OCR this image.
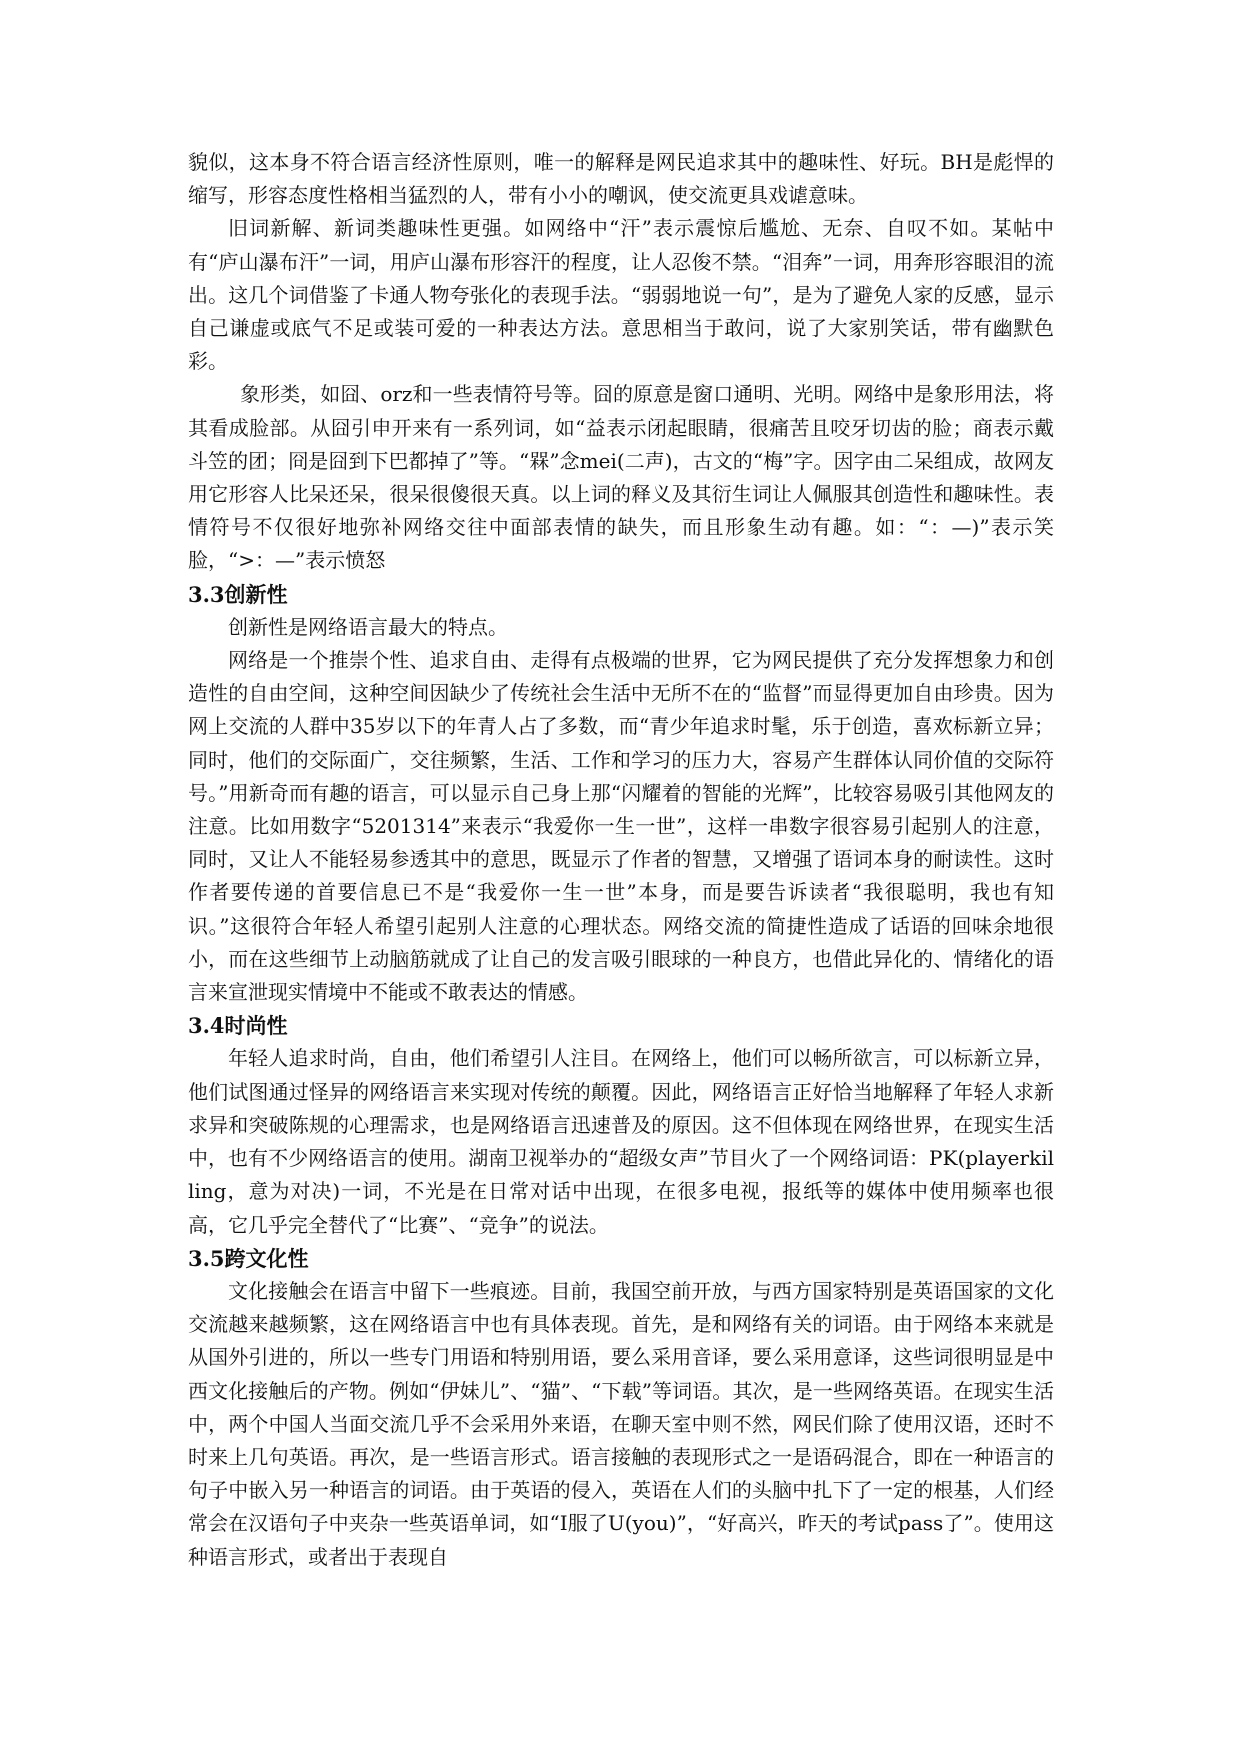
貌似，这本身不符合语言经济性原则，唯一的解释是网民追求其中的趣味性、好玩。BH是彪悍的缩写，形容态度性格相当猛烈的人，带有小小的嘲讽，使交流更具戏谑意味。

旧词新解、新词类趣味性更强。如网络中“汗”表示震惊后尴尬、无奈、自叹不如。某帖中有“庐山瀑布汗”一词，用庐山瀑布形容汗的程度，让人忍俊不禁。“泪奔”一词，用奔形容眼泪的流出。这几个词借鉴了卡通人物夸张化的表现手法。“弱弱地说一句”，是为了避免人家的反感，显示自己谦虚或底气不足或装可爱的一种表达方法。意思相当于敢问，说了大家别笑话，带有幽默色彩。

象形类，如囧、orz和一些表情符号等。囧的原意是窗口通明、光明。网络中是象形用法，将其看成脸部。从囧引申开来有一系列词，如“益表示闭起眼睛，很痛苦且咬牙切齿的脸；商表示戴斗笠的团；冏是囧到下巴都掉了”等。“槑”念mei(二声)，古文的“梅”字。因字由二呆组成，故网友用它形容人比呆还呆，很呆很傻很天真。以上词的释义及其衍生词让人佩服其创造性和趣味性。表情符号不仅很好地弥补网络交往中面部表情的缺失，而且形象生动有趣。如：“：—)”表示笑脸，“>：—”表示愤怒

3.3创新性

创新性是网络语言最大的特点。

网络是一个推崇个性、追求自由、走得有点极端的世界，它为网民提供了充分发挥想象力和创造性的自由空间，这种空间因缺少了传统社会生活中无所不在的“监督”而显得更加自由珍贵。因为网上交流的人群中35岁以下的年青人占了多数，而“青少年追求时髦，乐于创造，喜欢标新立异； 同时，他们的交际面广，交往频繁，生活、工作和学习的压力大，容易产生群体认同价值的交际符号。”用新奇而有趣的语言，可以显示自己身上那“闪耀着的智能的光辉”，比较容易吸引其他网友的注意。比如用数字“5201314”来表示“我爱你一生一世”，这样一串数字很容易引起别人的注意，同时，又让人不能轻易参透其中的意思，既显示了作者的智慧，又增强了语词本身的耐读性。这时作者要传递的首要信息已不是“我爱你一生一世”本身，而是要告诉读者“我很聪明，我也有知识。”这很符合年轻人希望引起别人注意的心理状态。网络交流的简捷性造成了话语的回味余地很小，而在这些细节上动脑筋就成了让自己的发言吸引眼球的一种良方，也借此异化的、情绪化的语言来宣泄现实情境中不能或不敢表达的情感。

3.4时尚性

年轻人追求时尚，自由，他们希望引人注目。在网络上，他们可以畅所欲言，可以标新立异，他们试图通过怪异的网络语言来实现对传统的颠覆。因此，网络语言正好恰当地解释了年轻人求新求异和突破陈规的心理需求，也是网络语言迅速普及的原因。这不但体现在网络世界，在现实生活中，也有不少网络语言的使用。湖南卫视举办的“超级女声”节目火了一个网络词语：PK(playerkilling，意为对决)一词，不光是在日常对话中出现，在很多电视，报纸等的媒体中使用频率也很高，它几乎完全替代了“比赛”、“竞争”的说法。

3.5跨文化性

文化接触会在语言中留下一些痕迹。目前，我国空前开放，与西方国家特别是英语国家的文化交流越来越频繁，这在网络语言中也有具体表现。首先，是和网络有关的词语。由于网络本来就是从国外引进的，所以一些专门用语和特别用语，要么采用音译，要么采用意译，这些词很明显是中西文化接触后的产物。例如“伊妹儿”、“猫”、“下载”等词语。其次，是一些网络英语。在现实生活中，两个中国人当面交流几乎不会采用外来语，在聊天室中则不然，网民们除了使用汉语，还时不时来上几句英语。再次，是一些语言形式。语言接触的表现形式之一是语码混合，即在一种语言的句子中嵌入另一种语言的词语。由于英语的侵入，英语在人们的头脑中扎下了一定的根基，人们经常会在汉语句子中夹杂一些英语单词，如“I服了U(you)”，“好高兴，昨天的考试pass了”。使用这种语言形式，或者出于表现自
